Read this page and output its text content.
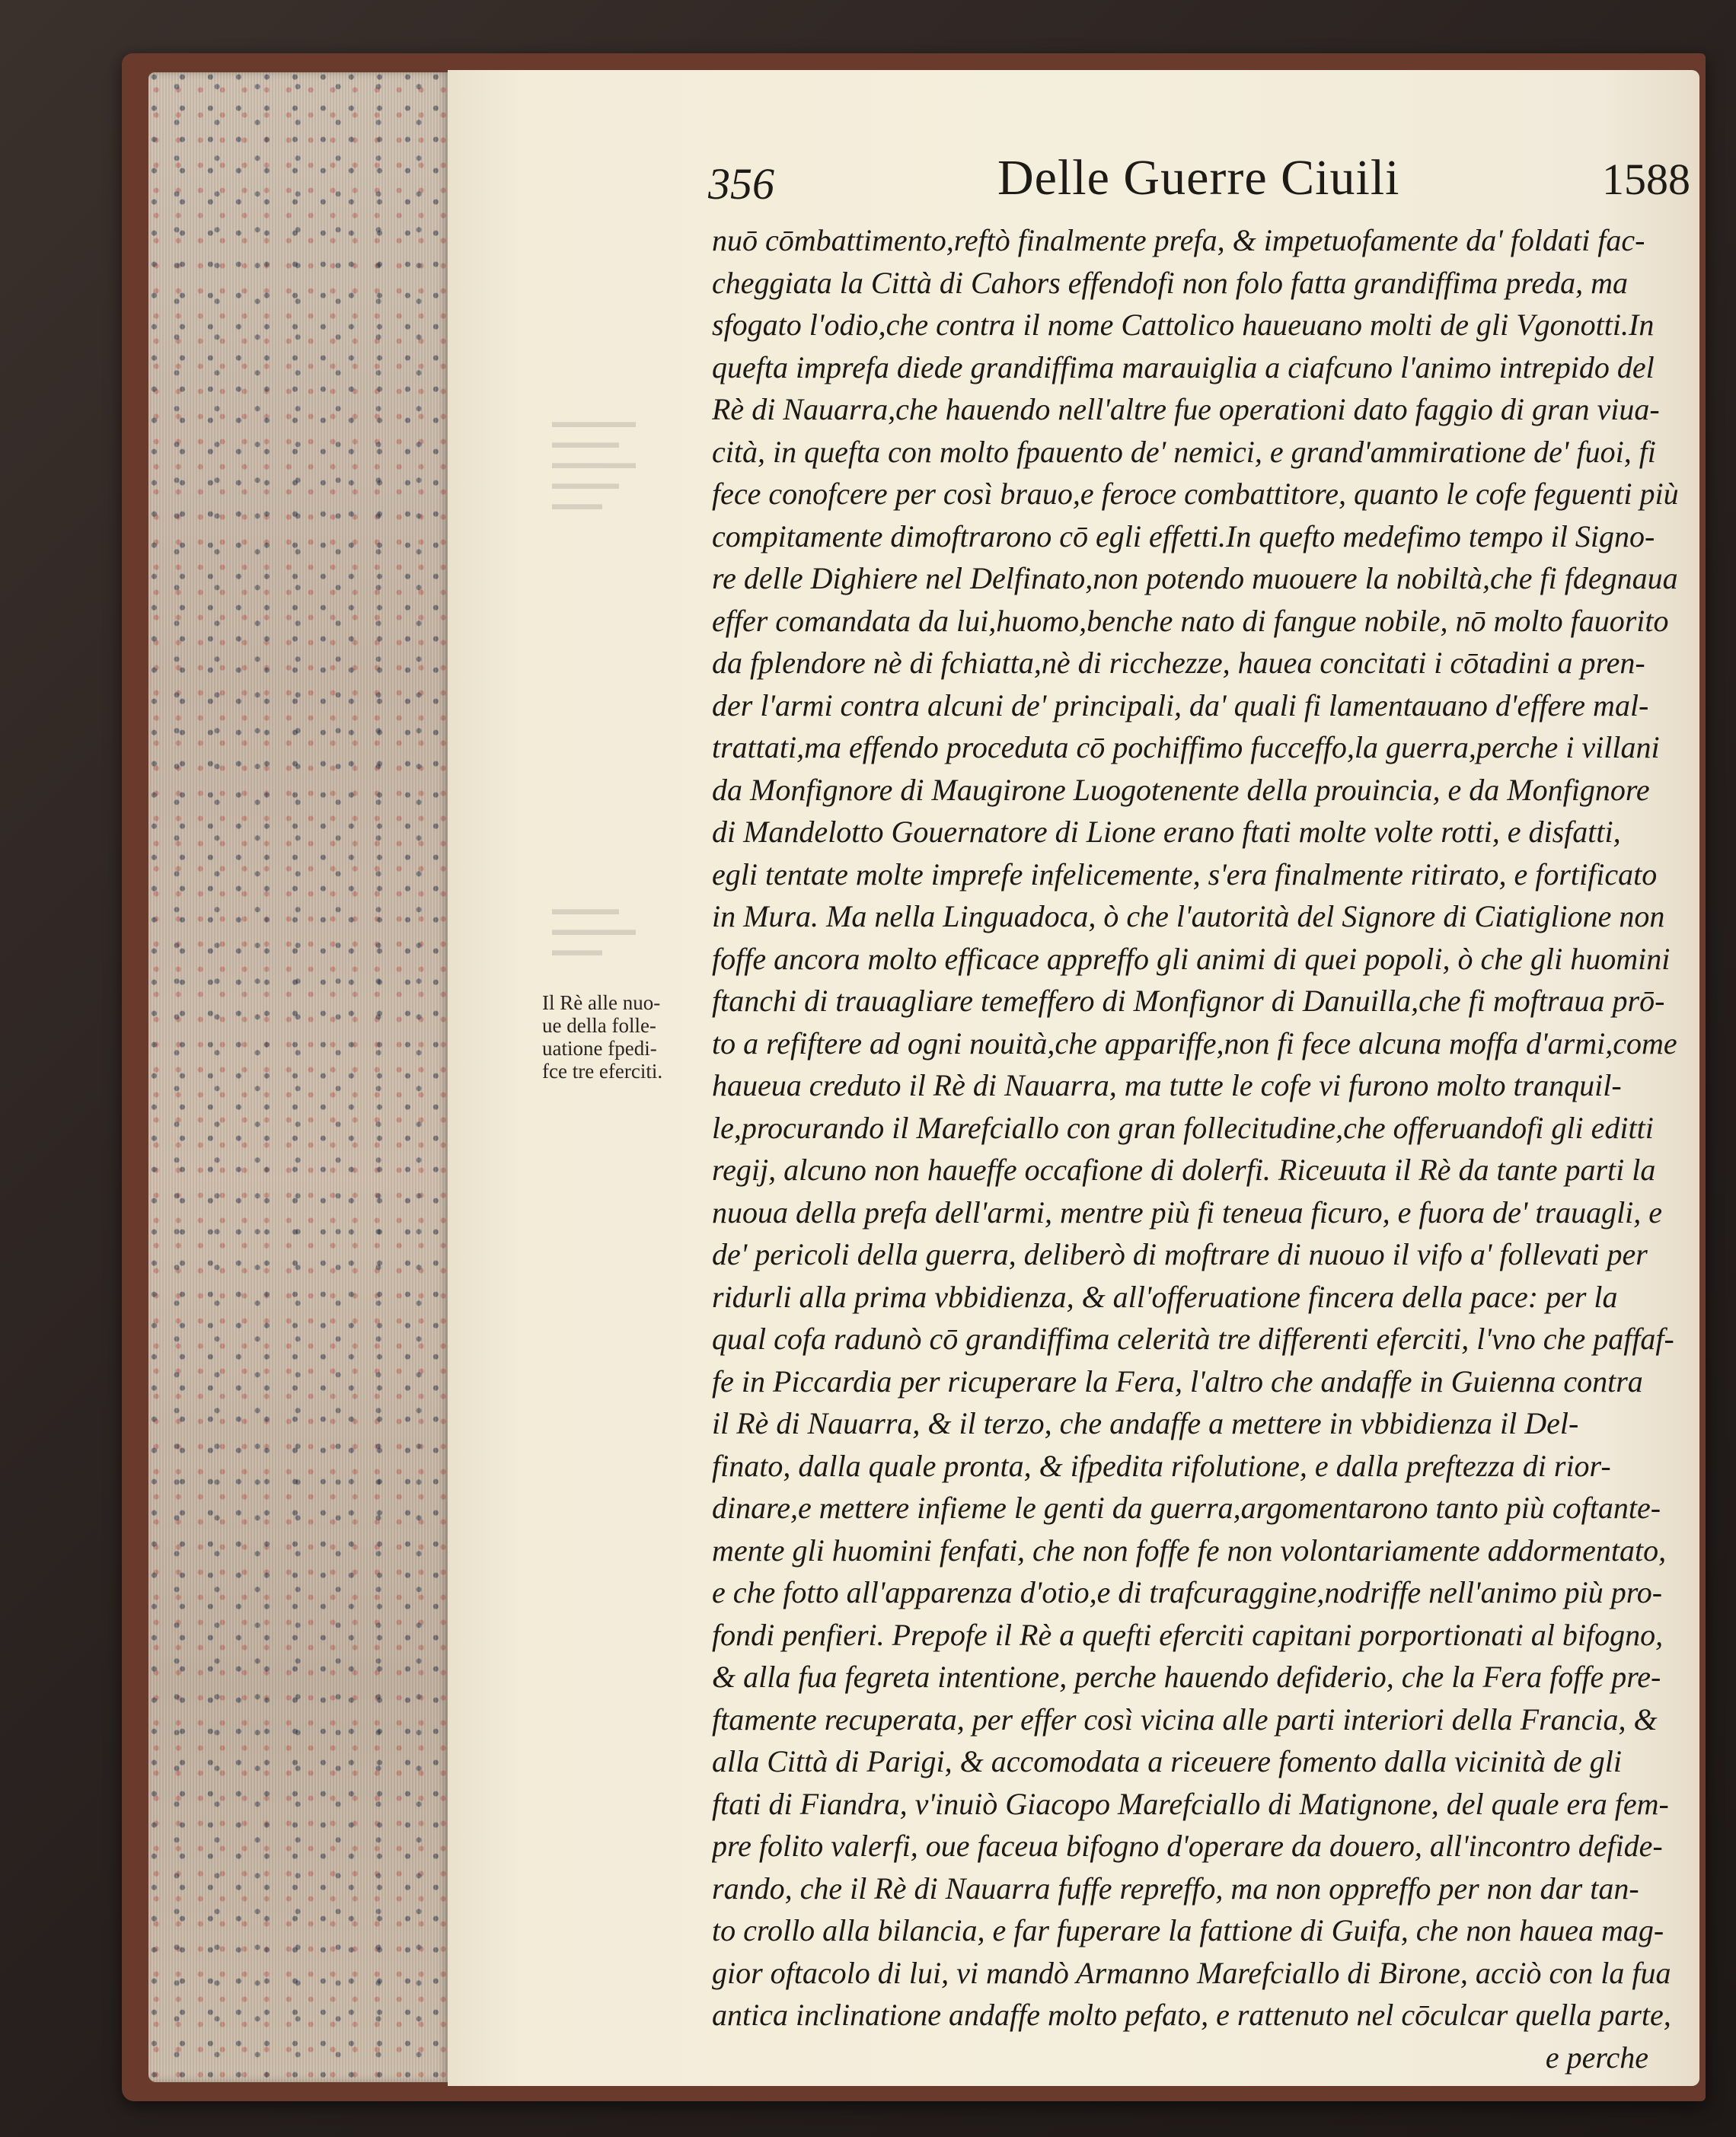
▬▬▬▬▬
▬▬▬▬
▬▬▬▬▬
▬▬▬▬
▬▬▬
▬▬▬▬
▬▬▬▬▬
▬▬▬
356	Delle Guerre Ciuili	1588
Il Rè alle nuo-
ue della folle-
uatione fpedi-
fce tre eferciti.
nuō cōmbattimento,reftò finalmente prefa, & impetuofamente da' foldati fac-
cheggiata la Città di Cahors effendofi non folo fatta grandiffima preda, ma
sfogato l'odio,che contra il nome Cattolico haueuano molti de gli Vgonotti.In
quefta imprefa diede grandiffima marauiglia a ciafcuno l'animo intrepido del
Rè di Nauarra,che hauendo nell'altre fue operationi dato faggio di gran viua-
cità, in quefta con molto fpauento de' nemici, e grand'ammiratione de' fuoi, fi
fece conofcere per così brauo,e feroce combattitore, quanto le cofe feguenti più
compitamente dimoftrarono cō egli effetti.In quefto medefimo tempo il Signo-
re delle Dighiere nel Delfinato,non potendo muouere la nobiltà,che fi fdegnaua
effer comandata da lui,huomo,benche nato di fangue nobile, nō molto fauorito
da fplendore nè di fchiatta,nè di ricchezze, hauea concitati i cōtadini a pren-
der l'armi contra alcuni de' principali, da' quali fi lamentauano d'effere mal-
trattati,ma effendo proceduta cō pochiffimo fucceffo,la guerra,perche i villani
da Monfignore di Maugirone Luogotenente della prouincia, e da Monfignore
di Mandelotto Gouernatore di Lione erano ftati molte volte rotti, e disfatti,
egli tentate molte imprefe infelicemente, s'era finalmente ritirato, e fortificato
in Mura. Ma nella Linguadoca, ò che l'autorità del Signore di Ciatiglione non
foffe ancora molto efficace appreffo gli animi di quei popoli, ò che gli huomini
ftanchi di trauagliare temeffero di Monfignor di Danuilla,che fi moftraua prō-
to a refiftere ad ogni nouità,che appariffe,non fi fece alcuna moffa d'armi,come
haueua creduto il Rè di Nauarra, ma tutte le cofe vi furono molto tranquil-
le,procurando il Marefciallo con gran follecitudine,che offeruandofi gli editti
regij, alcuno non haueffe occafione di dolerfi. Riceuuta il Rè da tante parti la
nuoua della prefa dell'armi, mentre più fi teneua ficuro, e fuora de' trauagli, e
de' pericoli della guerra, deliberò di moftrare di nuouo il vifo a' follevati per
ridurli alla prima vbbidienza, & all'offeruatione fincera della pace: per la
qual cofa radunò cō grandiffima celerità tre differenti eferciti, l'vno che paffaf-
fe in Piccardia per ricuperare la Fera, l'altro che andaffe in Guienna contra
il Rè di Nauarra, & il terzo, che andaffe a mettere in vbbidienza il Del-
finato, dalla quale pronta, & ifpedita rifolutione, e dalla preftezza di rior-
dinare,e mettere infieme le genti da guerra,argomentarono tanto più coftante-
mente gli huomini fenfati, che non foffe fe non volontariamente addormentato,
e che fotto all'apparenza d'otio,e di trafcuraggine,nodriffe nell'animo più pro-
fondi penfieri. Prepofe il Rè a quefti eferciti capitani porportionati al bifogno,
& alla fua fegreta intentione, perche hauendo defiderio, che la Fera foffe pre-
ftamente recuperata, per effer così vicina alle parti interiori della Francia, &
alla Città di Parigi, & accomodata a riceuere fomento dalla vicinità de gli
ftati di Fiandra, v'inuiò Giacopo Marefciallo di Matignone, del quale era fem-
pre folito valerfi, oue faceua bifogno d'operare da douero, all'incontro defide-
rando, che il Rè di Nauarra fuffe repreffo, ma non oppreffo per non dar tan-
to crollo alla bilancia, e far fuperare la fattione di Guifa, che non hauea mag-
gior oftacolo di lui, vi mandò Armanno Marefciallo di Birone, acciò con la fua
antica inclinatione andaffe molto pefato, e rattenuto nel cōculcar quella parte,
e perche
